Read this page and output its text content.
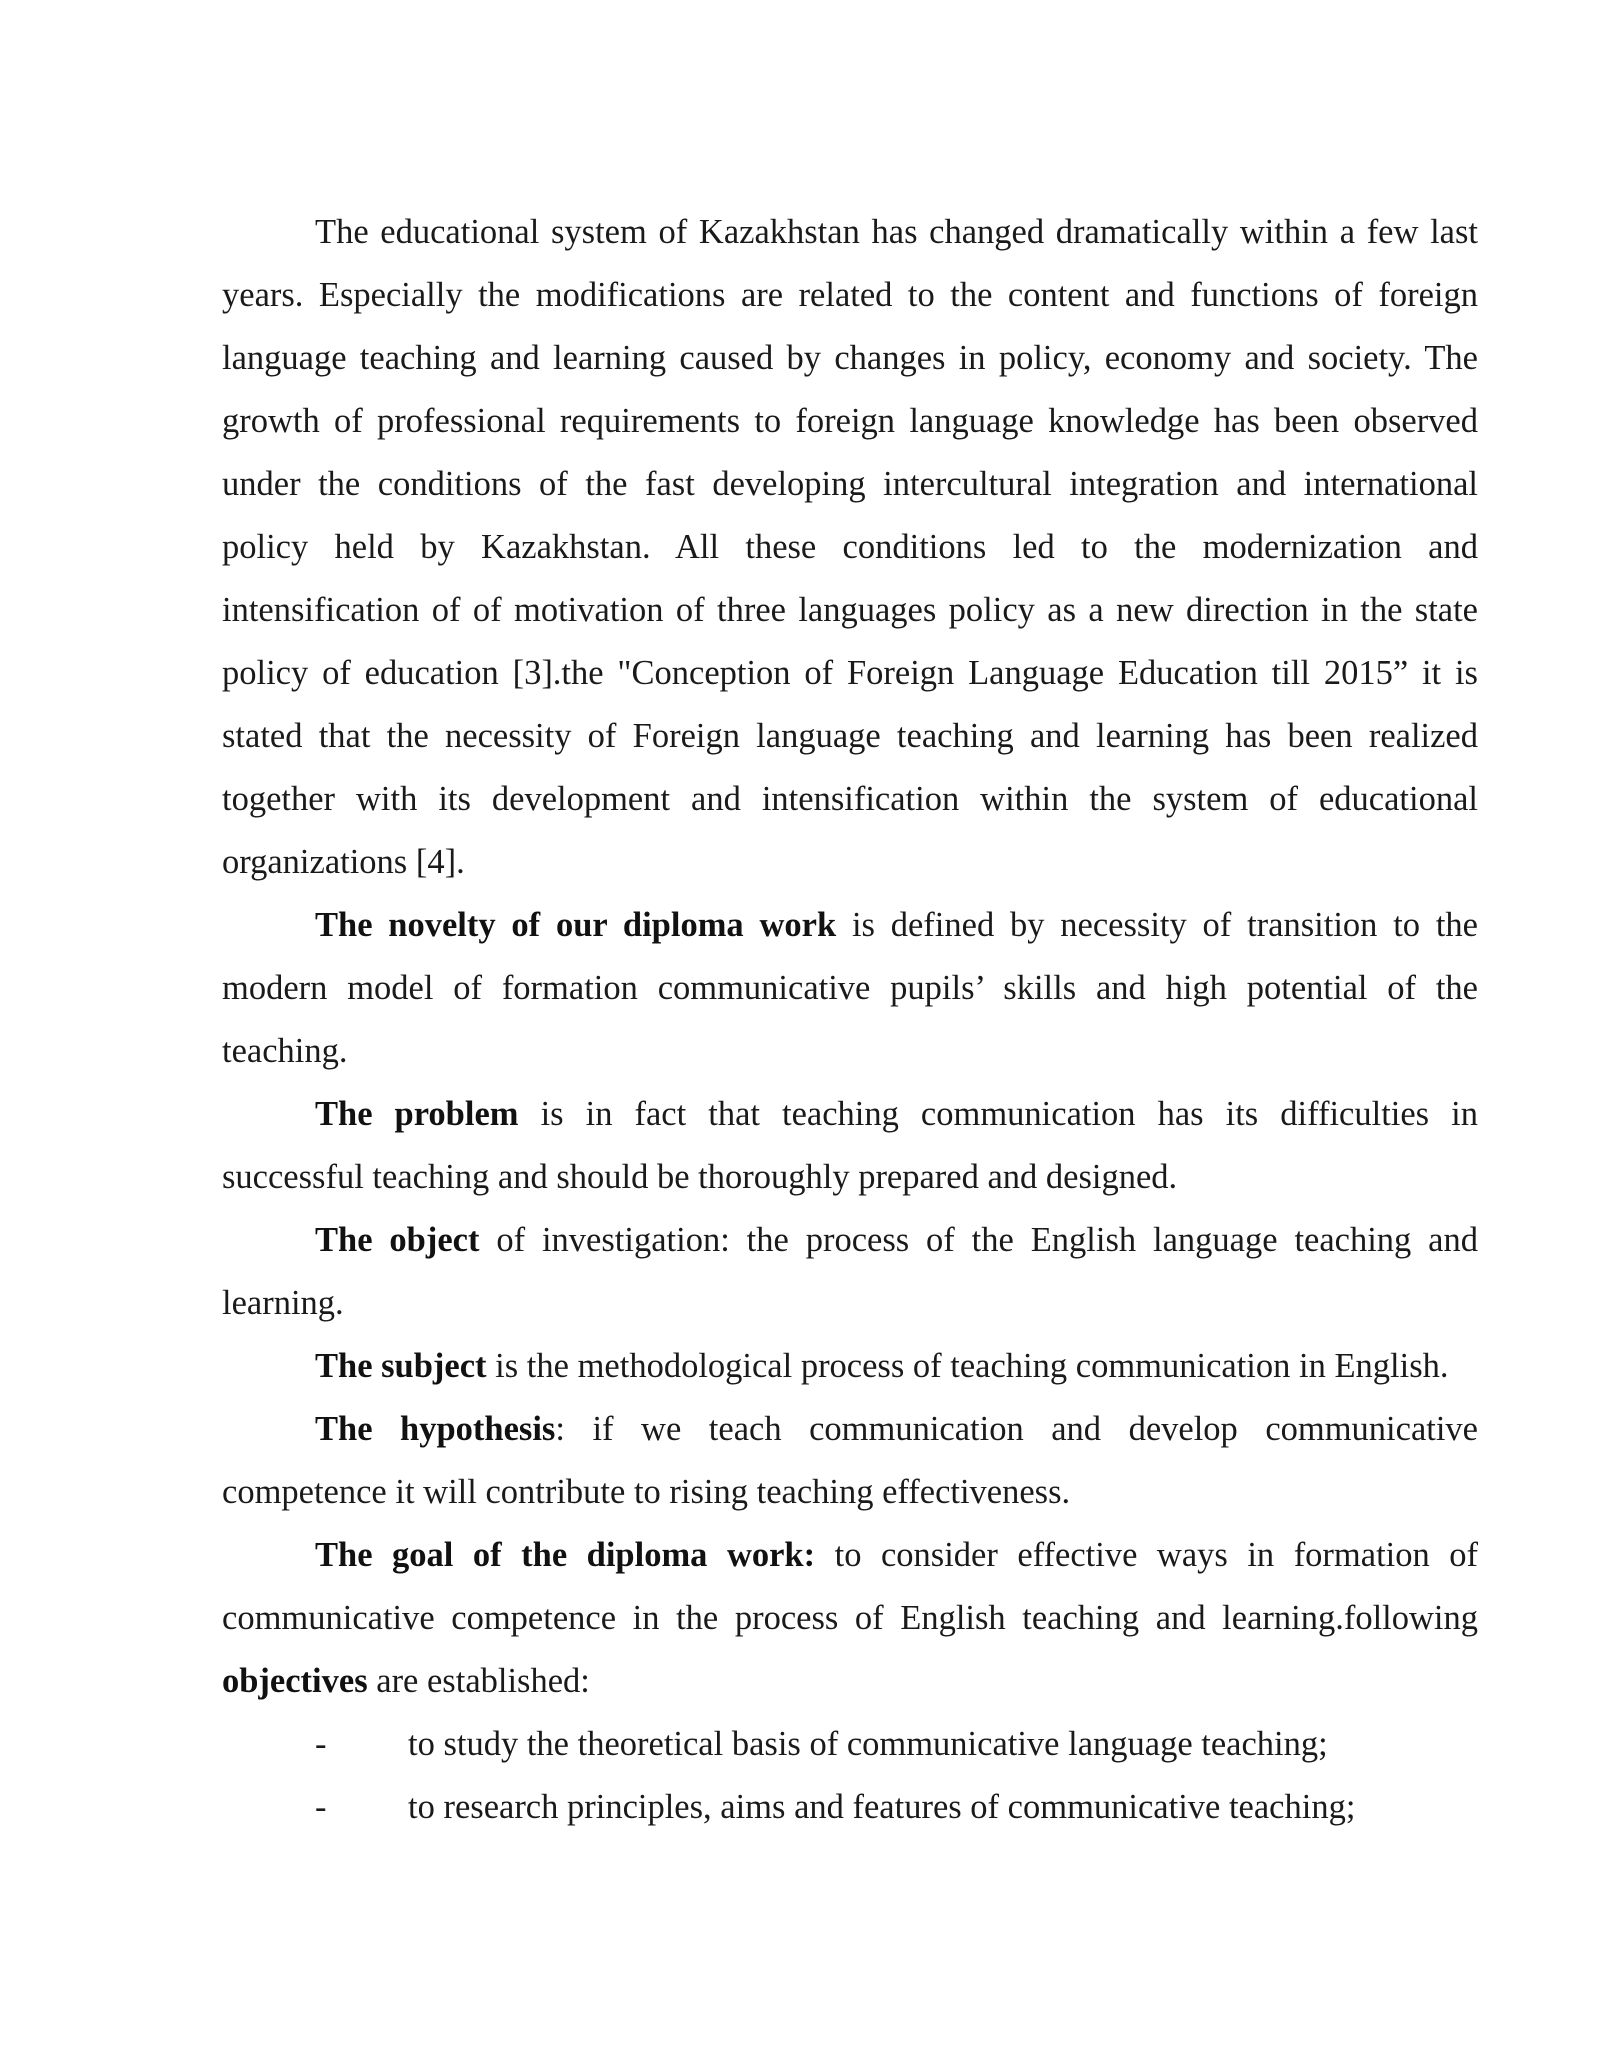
The educational system of Kazakhstan has changed dramatically within a few last years. Especially the modifications are related to the content and functions of foreign language teaching and learning caused by changes in policy, economy and society. The growth of professional requirements to foreign language knowledge has been observed under the conditions of the fast developing intercultural integration and international policy held by Kazakhstan. All these conditions led to the modernization and intensification of of motivation of three languages policy as a new direction in the state policy of education [3].the "Conception of Foreign Language Education till 2015” it is stated that the necessity of Foreign language teaching and learning has been realized together with its development and intensification within the system of educational organizations [4].

The novelty of our diploma work is defined by necessity of transition to the modern model of formation communicative pupils’ skills and high potential of the teaching.

The problem is in fact that teaching communication has its difficulties in successful teaching and should be thoroughly prepared and designed.

The object of investigation: the process of the English language teaching and learning.

The subject is the methodological process of teaching communication in English.

The hypothesis: if we teach communication and develop communicative competence it will contribute to rising teaching effectiveness.

The goal of the diploma work: to consider effective ways in formation of communicative competence in the process of English teaching and learning.following objectives are established:

- to study the theoretical basis of communicative language teaching;

- to research principles, aims and features of communicative teaching;
